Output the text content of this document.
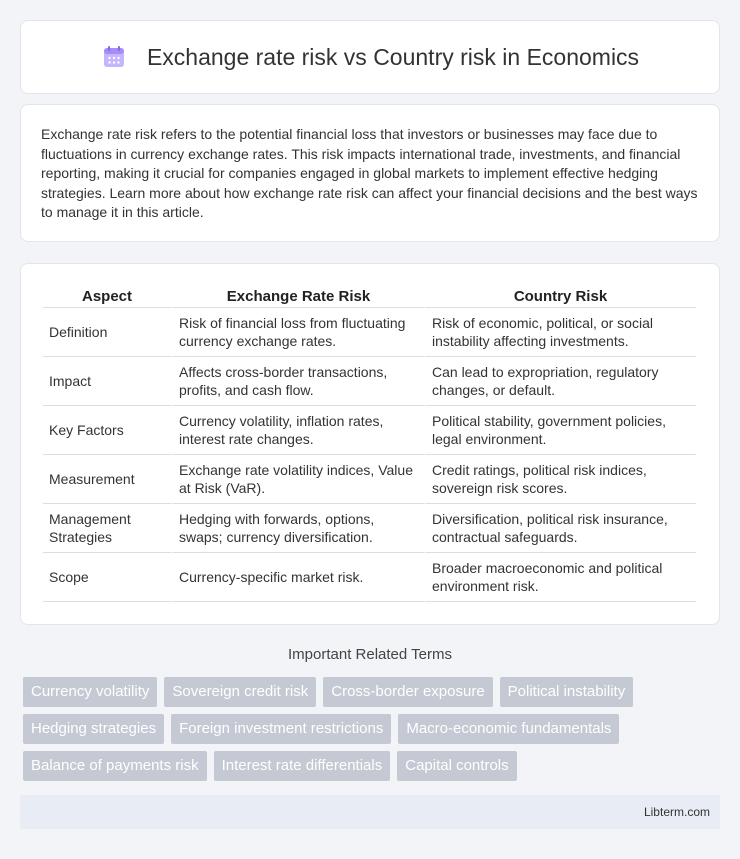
Exchange rate risk vs Country risk in Economics

Exchange rate risk refers to the potential financial loss that investors or businesses may face due to fluctuations in currency exchange rates. This risk impacts international trade, investments, and financial reporting, making it crucial for companies engaged in global markets to implement effective hedging strategies. Learn more about how exchange rate risk can affect your financial decisions and the best ways to manage it in this article.

Aspect	Exchange Rate Risk	Country Risk
Definition	Risk of financial loss from fluctuating currency exchange rates.	Risk of economic, political, or social instability affecting investments.
Impact	Affects cross-border transactions, profits, and cash flow.	Can lead to expropriation, regulatory changes, or default.
Key Factors	Currency volatility, inflation rates, interest rate changes.	Political stability, government policies, legal environment.
Measurement	Exchange rate volatility indices, Value at Risk (VaR).	Credit ratings, political risk indices, sovereign risk scores.
Management Strategies	Hedging with forwards, options, swaps; currency diversification.	Diversification, political risk insurance, contractual safeguards.
Scope	Currency-specific market risk.	Broader macroeconomic and political environment risk.
Important Related Terms
Currency volatility	Sovereign credit risk	Cross-border exposure	Political instability
Hedging strategies	Foreign investment restrictions	Macro-economic fundamentals
Balance of payments risk	Interest rate differentials	Capital controls
Libterm.com
